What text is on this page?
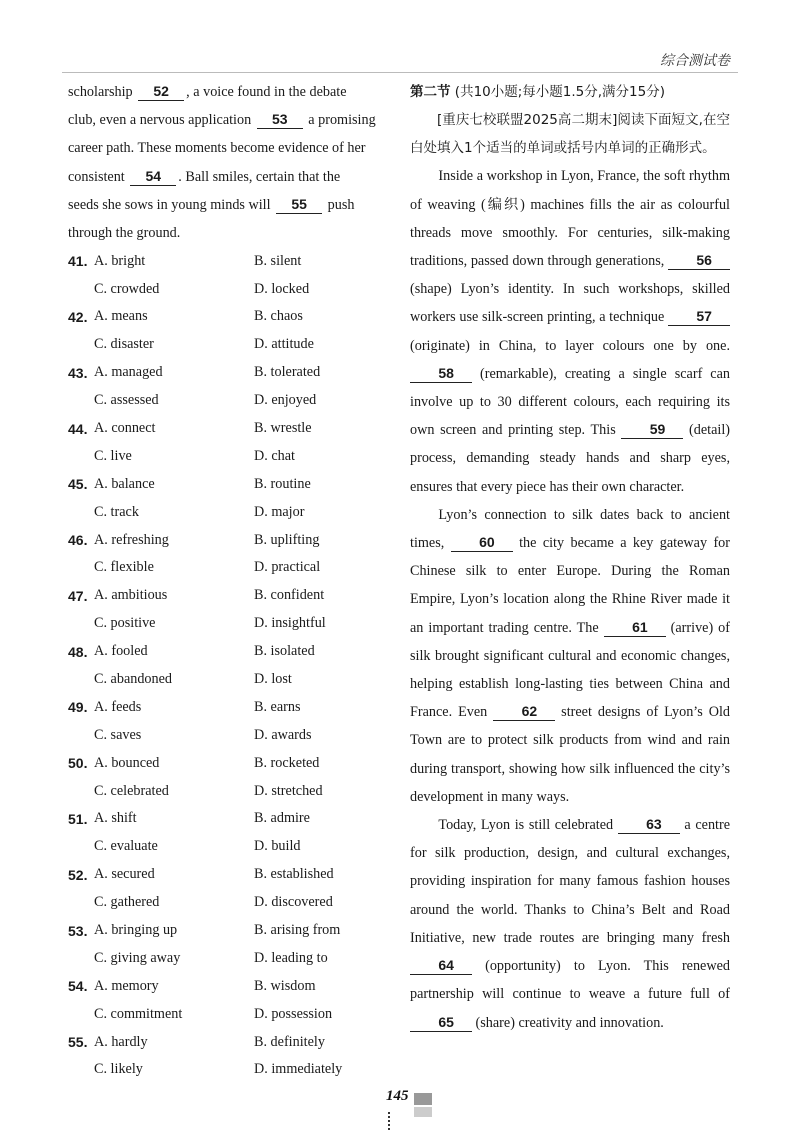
综合测试卷
scholarship 52 , a voice found in the debate
club, even a nervous application 53 a promising
career path. These moments become evidence of her
consistent 54 . Ball smiles, certain that the
seeds she sows in young minds will 55 push
through the ground.
41. A. bright	B. silent
C. crowded	D. locked
42. A. means	B. chaos
C. disaster	D. attitude
43. A. managed	B. tolerated
C. assessed	D. enjoyed
44. A. connect	B. wrestle
C. live	D. chat
45. A. balance	B. routine
C. track	D. major
46. A. refreshing	B. uplifting
C. flexible	D. practical
47. A. ambitious	B. confident
C. positive	D. insightful
48. A. fooled	B. isolated
C. abandoned	D. lost
49. A. feeds	B. earns
C. saves	D. awards
50. A. bounced	B. rocketed
C. celebrated	D. stretched
51. A. shift	B. admire
C. evaluate	D. build
52. A. secured	B. established
C. gathered	D. discovered
53. A. bringing up	B. arising from
C. giving away	D. leading to
54. A. memory	B. wisdom
C. commitment	D. possession
55. A. hardly	B. definitely
C. likely	D. immediately

第二节 (共10小题;每小题1.5分,满分15分)

[重庆七校联盟2025高二期末]阅读下面短文,在空白处填入1个适当的单词或括号内单词的正确形式。

Inside a workshop in Lyon, France, the soft rhythm of weaving (编织) machines fills the air as colourful threads move smoothly. For centuries, silk-making traditions, passed down through generations, 56 (shape) Lyon’s identity. In such workshops, skilled workers use silk-screen printing, a technique 57 (originate) in China, to layer colours one by one. 58 (remarkable), creating a single scarf can involve up to 30 different colours, each requiring its own screen and printing step. This 59 (detail) process, demanding steady hands and sharp eyes, ensures that every piece has their own character.

Lyon’s connection to silk dates back to ancient times, 60 the city became a key gateway for Chinese silk to enter Europe. During the Roman Empire, Lyon’s location along the Rhine River made it an important trading centre. The 61 (arrive) of silk brought significant cultural and economic changes, helping establish long-lasting ties between China and France. Even 62 street designs of Lyon’s Old Town are to protect silk products from wind and rain during transport, showing how silk influenced the city’s development in many ways.

Today, Lyon is still celebrated 63 a centre for silk production, design, and cultural exchanges, providing inspiration for many famous fashion houses around the world. Thanks to China’s Belt and Road Initiative, new trade routes are bringing many fresh 64 (opportunity) to Lyon. This renewed partnership will continue to weave a future full of 65 (share) creativity and innovation.

145
